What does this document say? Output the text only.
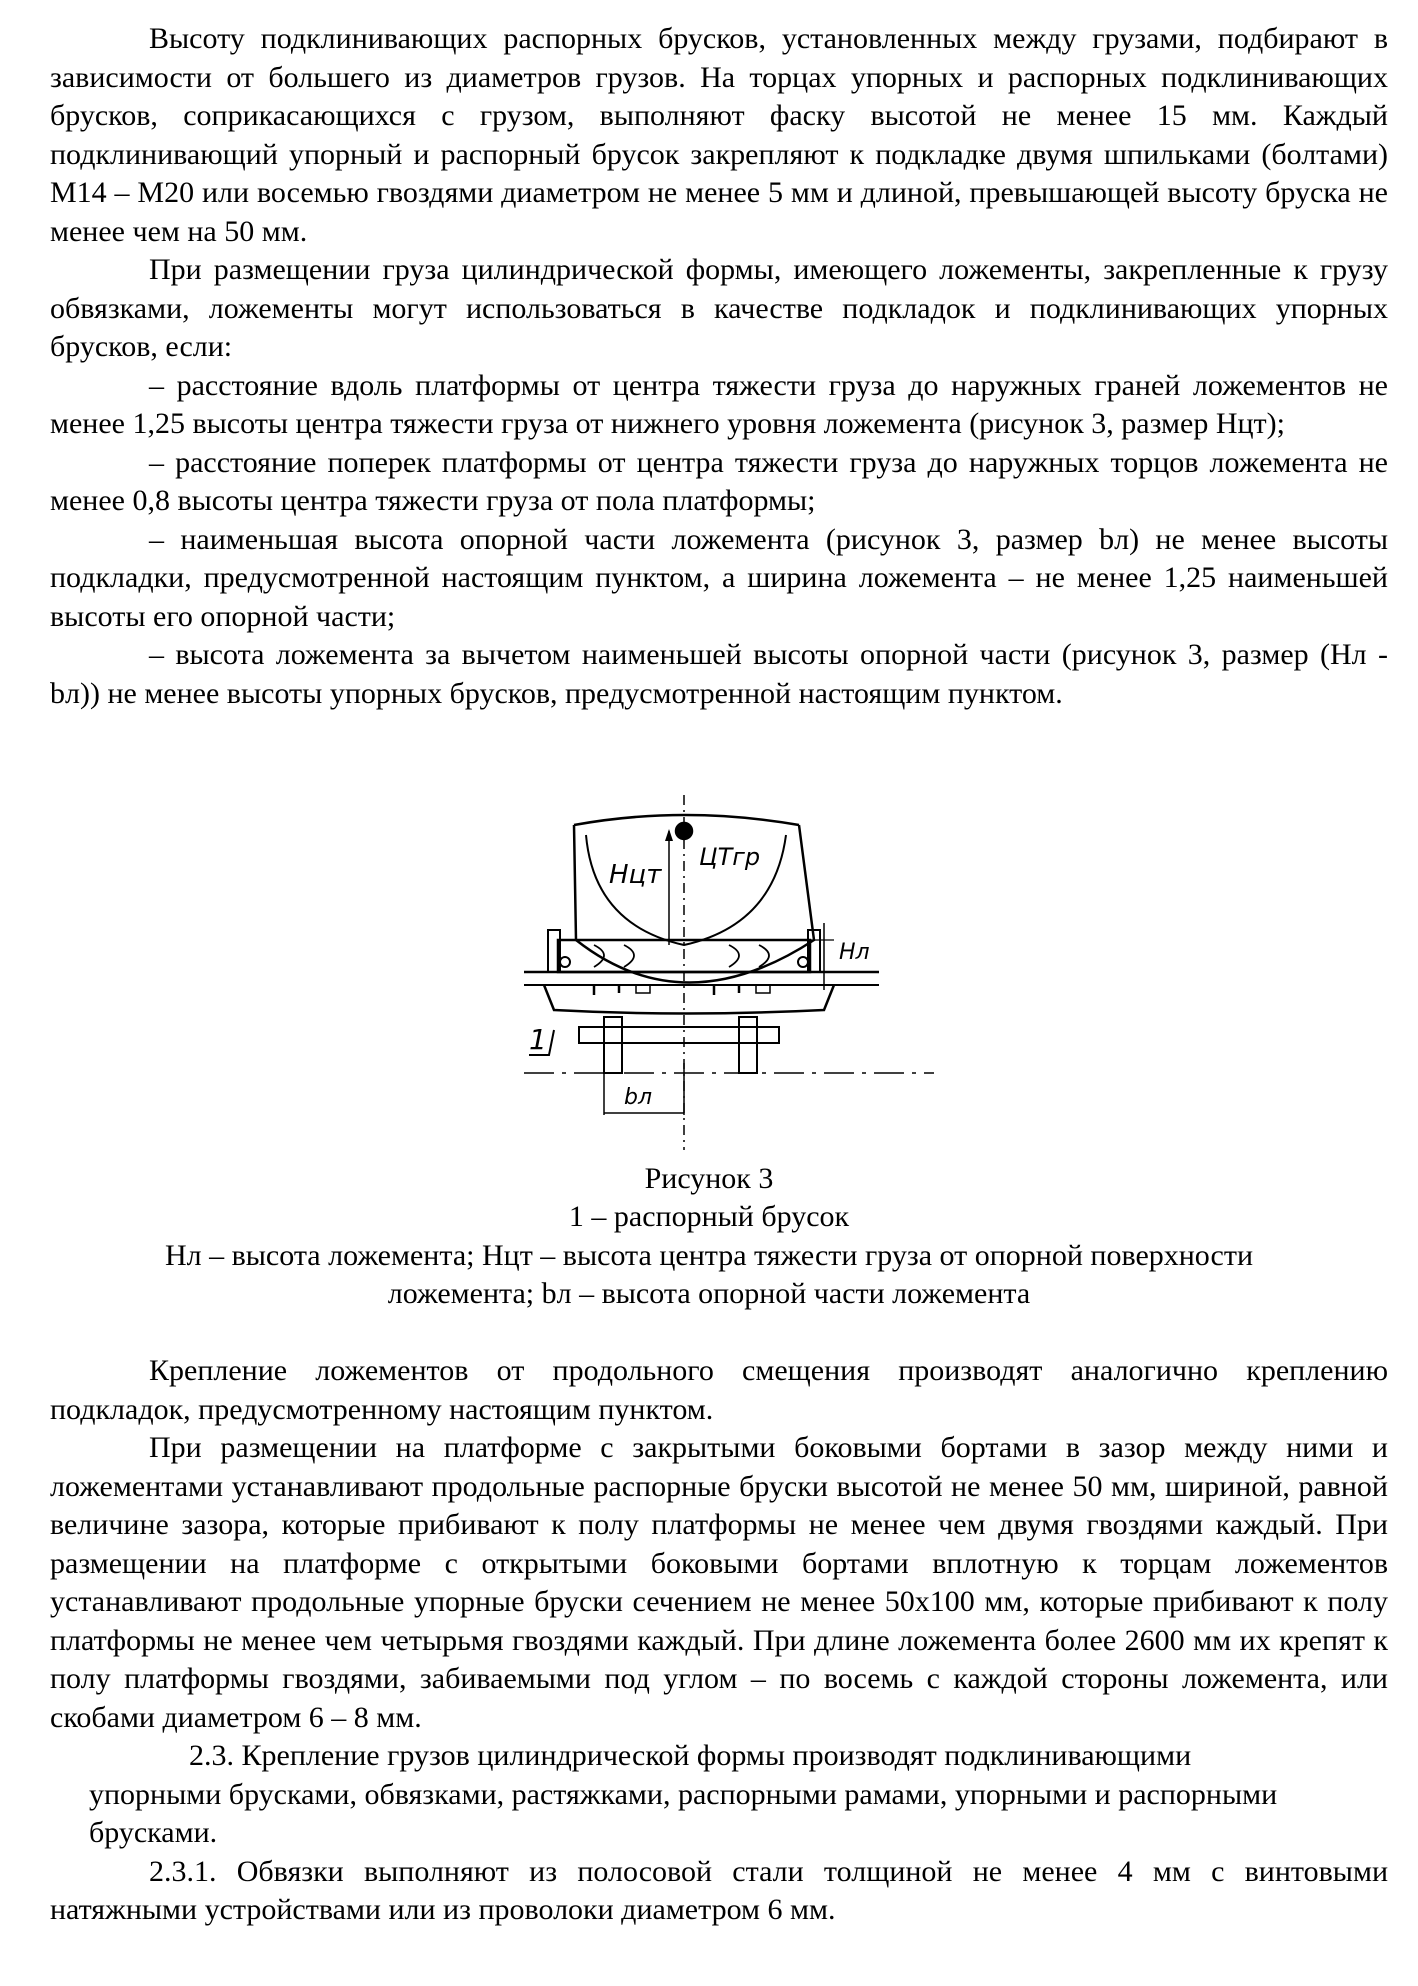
Высоту подклинивающих распорных брусков, установленных между грузами, подбирают в зависимости от большего из диаметров грузов. На торцах упорных и распорных подклинивающих брусков, соприкасающихся с грузом, выполняют фаску высотой не менее 15 мм. Каждый подклинивающий упорный и распорный брусок закрепляют к подкладке двумя шпильками (болтами) М14 – М20 или восемью гвоздями диаметром не менее 5 мм и длиной, превышающей высоту бруска не менее чем на 50 мм.

При размещении груза цилиндрической формы, имеющего ложементы, закрепленные к грузу обвязками, ложементы могут использоваться в качестве подкладок и подклинивающих упорных брусков, если:

– расстояние вдоль платформы от центра тяжести груза до наружных граней ложементов не менее 1,25 высоты центра тяжести груза от нижнего уровня ложемента (рисунок 3, размер Нцт);

– расстояние поперек платформы от центра тяжести груза до наружных торцов ложемента не менее 0,8 высоты центра тяжести груза от пола платформы;

– наименьшая высота опорной части ложемента (рисунок 3, размер bл) не менее высоты подкладки, предусмотренной настоящим пунктом, а ширина ложемента – не менее 1,25 наименьшей высоты его опорной части;

– высота ложемента за вычетом наименьшей высоты опорной части (рисунок 3, размер (Нл - bл)) не менее высоты упорных брусков, предусмотренной настоящим пунктом.

Нцт
ЦТгр
Нл
bл
1
Рисунок 3
1 – распорный брусок
Нл – высота ложемента; Нцт – высота центра тяжести груза от опорной поверхности
ложемента; bл – высота опорной части ложемента

Крепление ложементов от продольного смещения производят аналогично креплению подкладок, предусмотренному настоящим пунктом.

При размещении на платформе с закрытыми боковыми бортами в зазор между ними и ложементами устанавливают продольные распорные бруски высотой не менее 50 мм, шириной, равной величине зазора, которые прибивают к полу платформы не менее чем двумя гвоздями каждый. При размещении на платформе с открытыми боковыми бортами вплотную к торцам ложементов устанавливают продольные упорные бруски сечением не менее 50х100 мм, которые прибивают к полу платформы не менее чем четырьмя гвоздями каждый. При длине ложемента более 2600 мм их крепят к полу платформы гвоздями, забиваемыми под углом – по восемь с каждой стороны ложемента, или скобами диаметром 6 – 8 мм.

2.3. Крепление грузов цилиндрической формы производят подклинивающими упорными брусками, обвязками, растяжками, распорными рамами, упорными и распорными брусками.

2.3.1. Обвязки выполняют из полосовой стали толщиной не менее 4 мм с винтовыми натяжными устройствами или из проволоки диаметром 6 мм.
